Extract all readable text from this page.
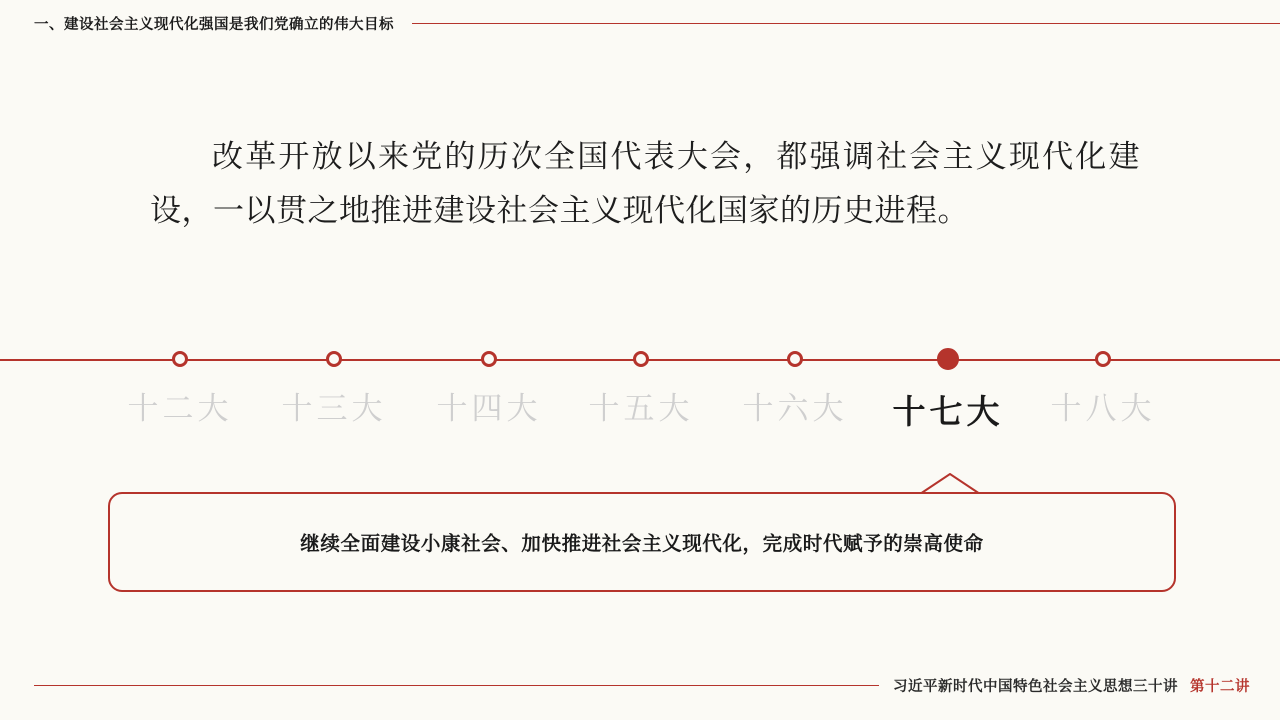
一、建设社会主义现代化强国是我们党确立的伟大目标
改革开放以来党的历次全国代表大会，都强调社会主义现代化建设，一以贯之地推进建设社会主义现代化国家的历史进程。
十二大	十三大	十四大	十五大	十六大	十七大	十八大
继续全面建设小康社会、加快推进社会主义现代化，完成时代赋予的崇高使命
习近平新时代中国特色社会主义思想三十讲 第十二讲
